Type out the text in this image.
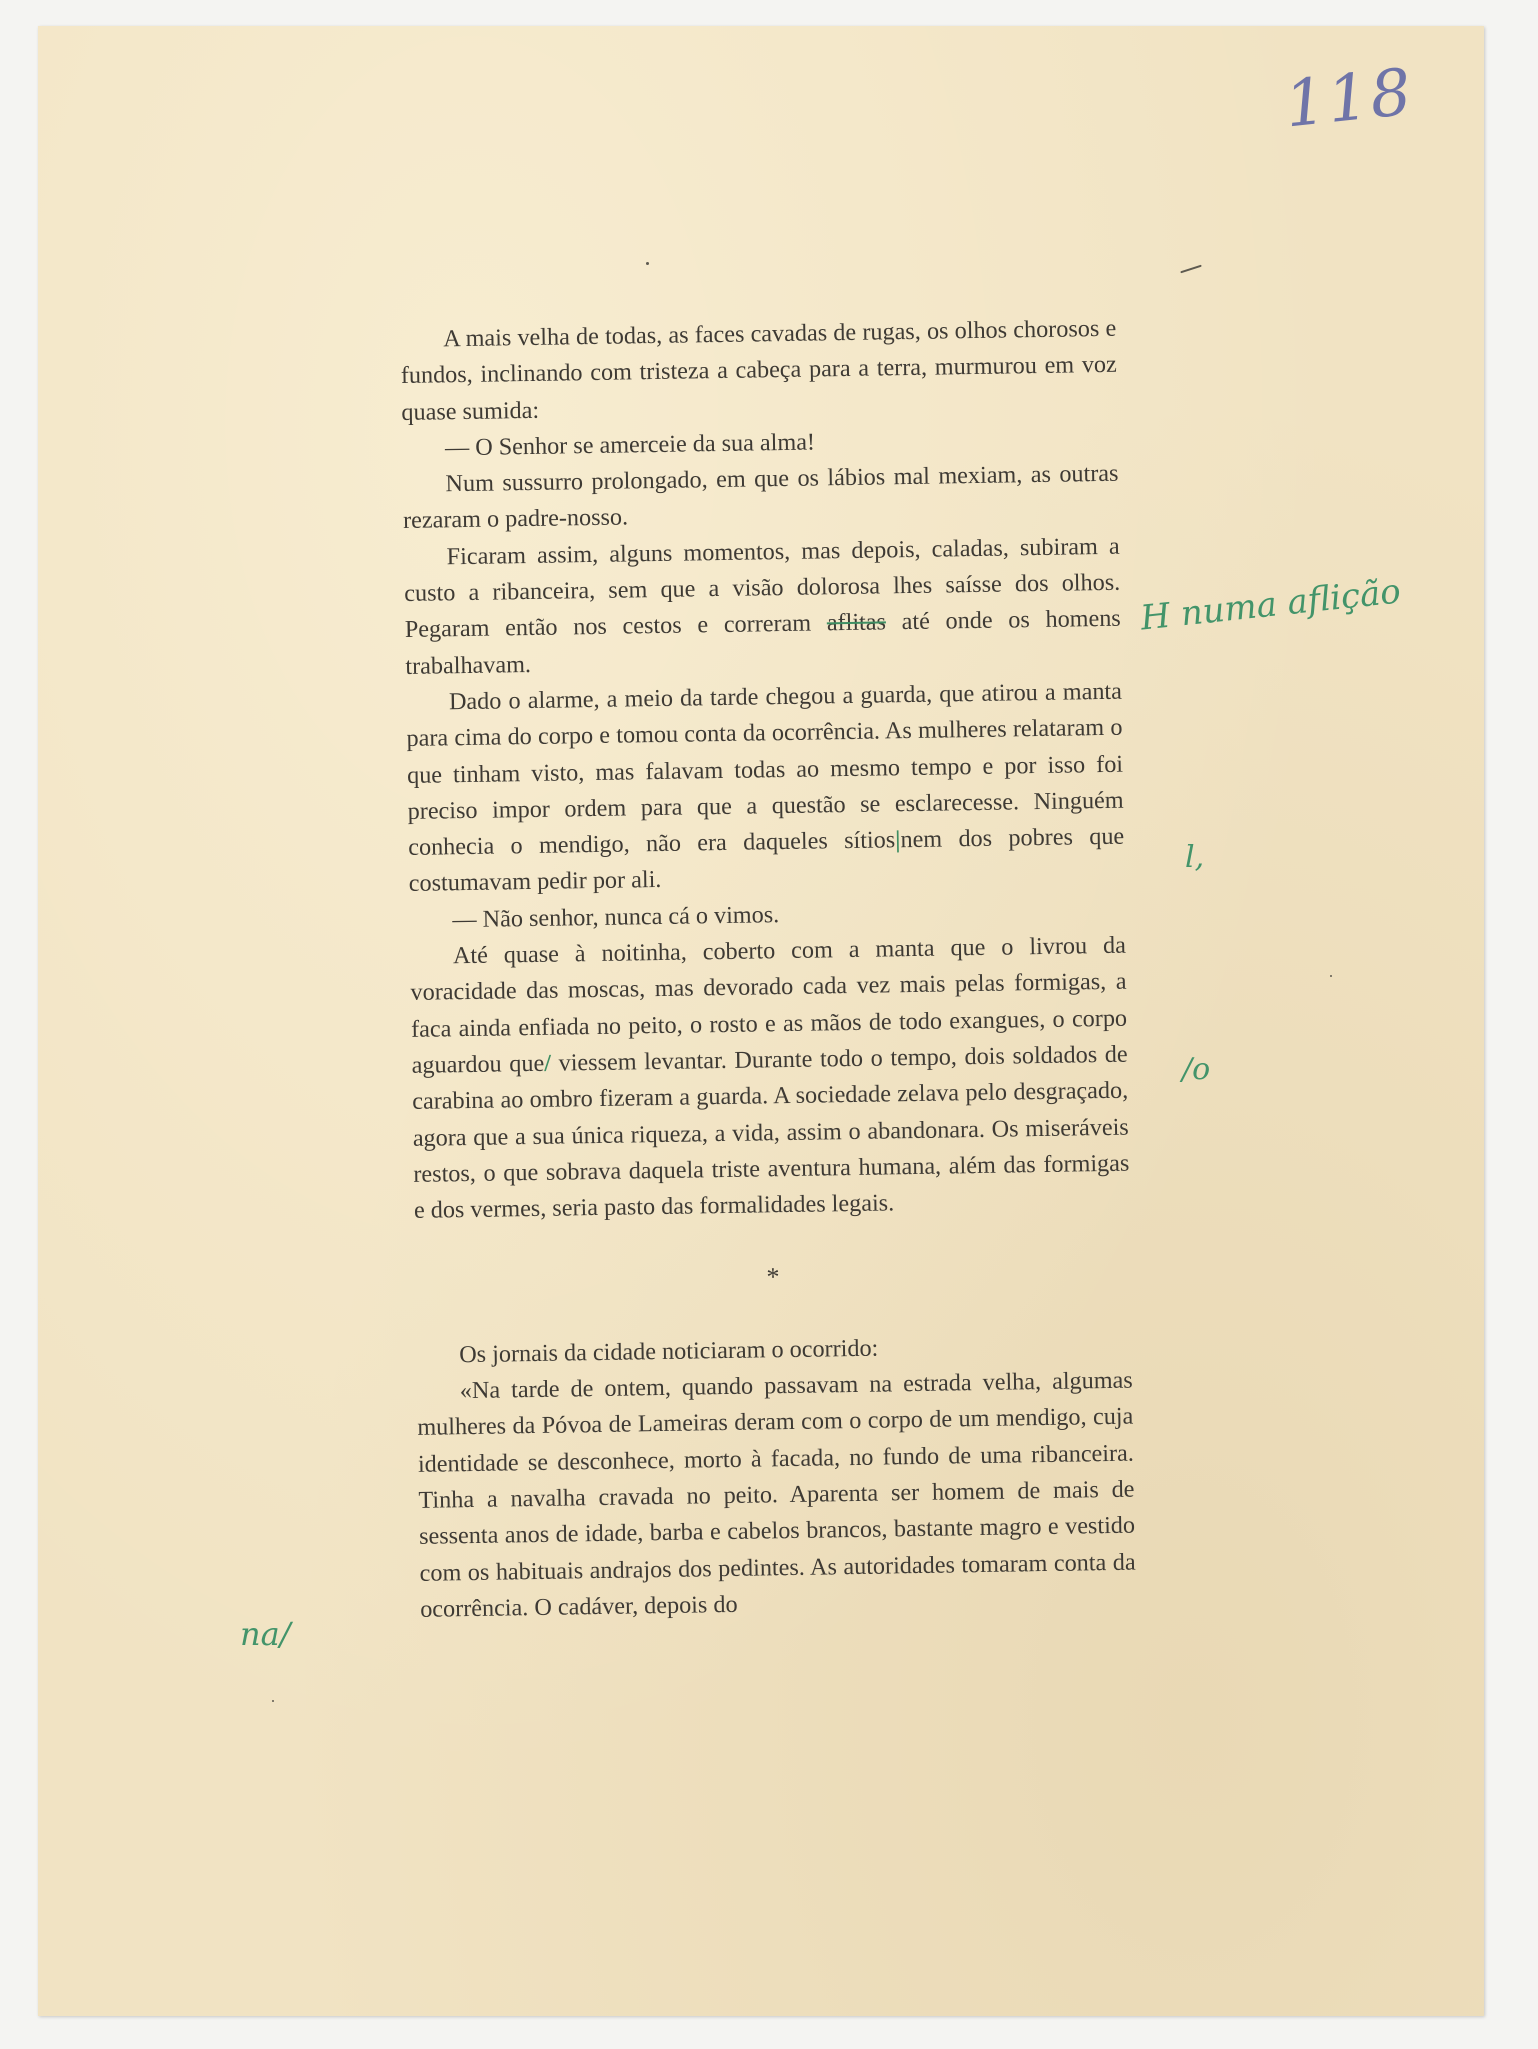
118

A mais velha de todas, as faces cavadas de rugas, os olhos chorosos e fundos, inclinando com tristeza a cabeça para a terra, murmurou em voz quase sumida:

— O Senhor se amerceie da sua alma!

Num sussurro prolongado, em que os lábios mal mexiam, as outras rezaram o padre-nosso.

Ficaram assim, alguns momentos, mas depois, caladas, subiram a custo a ribanceira, sem que a visão dolorosa lhes saísse dos olhos. Pegaram então nos cestos e correram aflitas até onde os homens trabalhavam.

Dado o alarme, a meio da tarde chegou a guarda, que atirou a manta para cima do corpo e tomou conta da ocorrência. As mulheres relataram o que tinham visto, mas falavam todas ao mesmo tempo e por isso foi preciso impor ordem para que a questão se esclarecesse. Ninguém conhecia o mendigo, não era daqueles sítios|nem dos pobres que costumavam pedir por ali.

— Não senhor, nunca cá o vimos.

Até quase à noitinha, coberto com a manta que o livrou da voracidade das moscas, mas devorado cada vez mais pelas formigas, a faca ainda enfiada no peito, o rosto e as mãos de todo exangues, o corpo aguardou que/ viessem levantar. Durante todo o tempo, dois soldados de carabina ao ombro fizeram a guarda. A sociedade zelava pelo desgraçado, agora que a sua única riqueza, a vida, assim o abandonara. Os miseráveis restos, o que sobrava daquela triste aventura humana, além das formigas e dos vermes, seria pasto das formalidades legais.

*

Os jornais da cidade noticiaram o ocorrido:

«Na tarde de ontem, quando passavam na estrada velha, algumas mulheres da Póvoa de Lameiras deram com o corpo de um mendigo, cuja identidade se desconhece, morto à facada, no fundo de uma ribanceira. Tinha a navalha cravada no peito. Aparenta ser homem de mais de sessenta anos de idade, barba e cabelos brancos, bastante magro e vestido com os habituais andrajos dos pedintes. As autoridades tomaram conta da ocorrência. O cadáver, depois do

H numa aflição
l,
/o
na/
